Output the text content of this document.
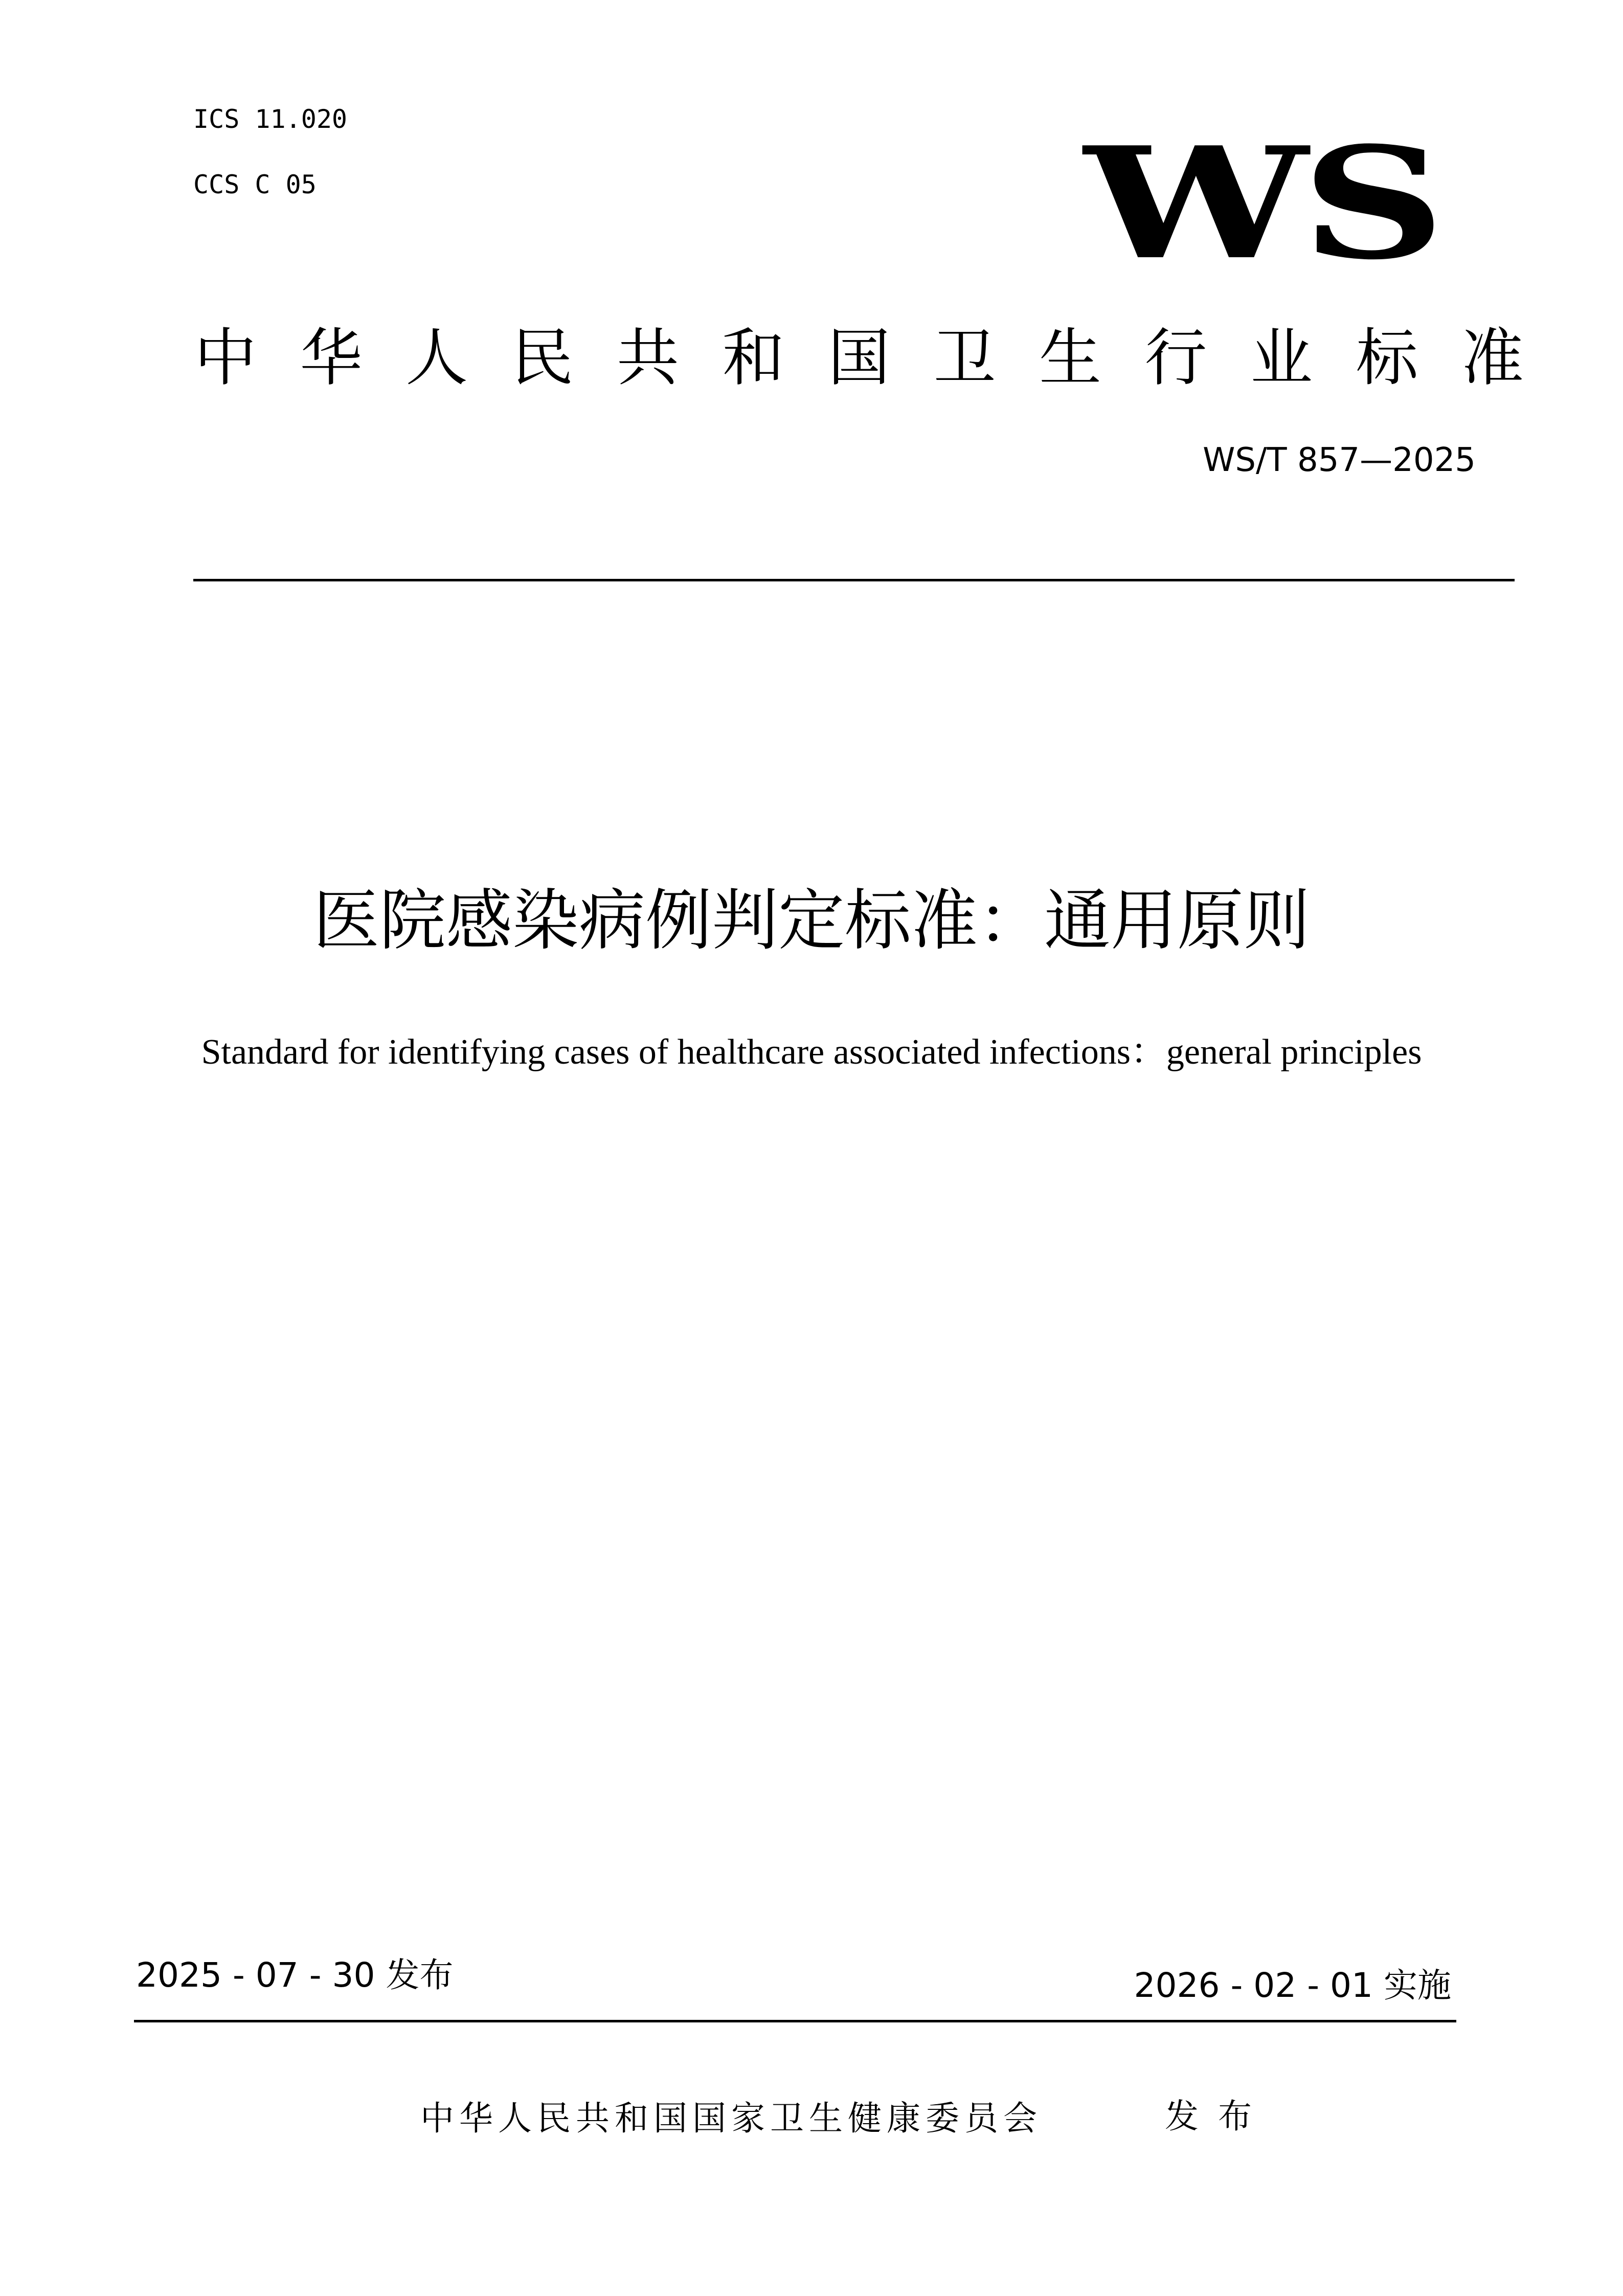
ICS 11.020
CCS C 05	WS
中 华 人 民 共 和 国 卫 生 行 业 标 准
WS/T 857—2025
医院感染病例判定标准：通用原则
Standard for identifying cases of healthcare associated infections：general principles
2025 - 07 - 30 发布	2026 - 02 - 01 实施
中华人民共和国国家卫生健康委员会	发布
